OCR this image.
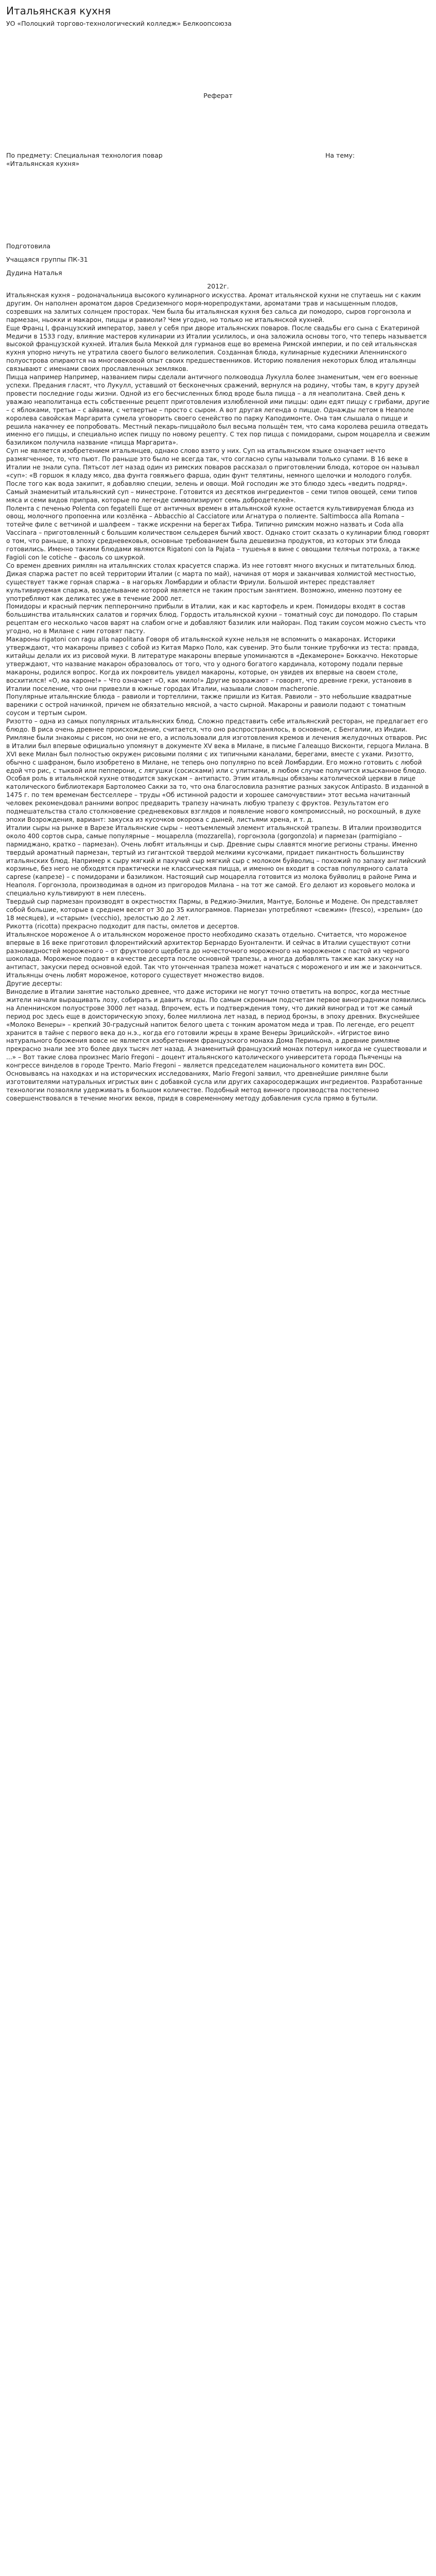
Итальянская кухня

УО «Полоцкий торгово-технологический колледж» Белкоопсоюза

Реферат
По предмету: Специальная технология повар	На тему:
«Итальянская кухня»
Подготовила
Учащаяся группы ПК-31
Дудина Наталья
2012г.

Итальянская кухня – родоначальница высокого кулинарного искусства. Аромат итальянской кухни не спутаешь ни с каким другим. Он наполнен ароматом даров Средиземного моря-морепродуктами, ароматами трав и насыщенным плодов, созревших на залитых солнцем просторах. Чем была бы итальянская кухня без сальса ди помодоро, сыров горгонзола и пармезан, ньокки и макарон, пиццы и равиоли? Чем угодно, но только не итальянской кухней.

Еще Франц I, французский император, завел у себя при дворе итальянских поваров. После свадьбы его сына с Екатериной Медичи в 1533 году, влияние мастеров кулинарии из Италии усилилось, и она заложила основы того, что теперь называется высокой французской кухней. Италия была Меккой для гурманов еще во времена Римской империи, и по сей итальянская кухня упорно ничуть не утратила своего былого великолепия. Созданная блюда, кулинарные кудесники Апеннинского полуострова опираются на многовековой опыт своих предшественников. Историю появления некоторых блюд итальянцы связывают с именами своих прославленных земляков.

Пицца например Например, названием пиры сделали античного полководца Лукулла более знаменитым, чем его военные успехи. Предания гласят, что Лукулл, уставший от бесконечных сражений, вернулся на родину, чтобы там, в кругу друзей провести последние годы жизни. Одной из его бесчисленных блюд вроде была пицца – а ля неаполитана. Свей день к уважаю неаполитанца есть собственные рецепт приготовления излюбленной ими пиццы: один едят пиццу с грибами, другие – с яблоками, третьи – с айвами, с четвертые – просто с сыром. А вот другая легенда о пицце. Однажды летом в Неаполе королева савойская Маргарита сумела уговорить своего сенейство по парку Каподимонте. Она там слышала о пицце и решила накачнеу ее попробовать. Местный пекарь-пиццайоло был весьма польщён тем, что сама королева решила отведать именно его пиццы, и специально испек пиццу по новому рецепту. С тех пор пицца с помидорами, сыром моцарелла и свежим базиликом получила название «пицца Маргарита».

Суп не является изобретением итальянцев, однако слово взято у них. Суп на итальянском языке означает нечто размягченное, то, что пьют. По раньше это было не всегда так, что согласно супы называли только супами. В 16 веке в Италии не знали супа. Пятьсот лет назад один из римских поваров рассказал о приготовлении блюда, которое он называл «суп»: «В горшок я кладу мясо, два фунта говяжьего фарша, один фунт телятины, немного щелочки и молодого голубя. После того как вода закипит, я добавляю специи, зелень и овощи. Мой господин же это блюдо здесь «ведить подряд». Самый знаменитый итальянский суп – минестроне. Готовится из десятков ингредиентов – семи типов овощей, семи типов мяса и семи видов приправ, которые по легенде символизируют семь добродетелей».

Полента с печенью Polenta con fegatelli Еще от античных времен в итальянской кухне остается культивируемая блюда из овощ, молочного пропоенна или козлёнка – Abbacchio al Cacciatore или Агнатура о полиенте. Saltimbocca alla Romana – тотейче филе с ветчиной и шалфеем – также искренни на берегах Тибра. Типично римским можно назвать и Coda alla Vaccinara – приготовленный с большим количеством сельдерея бычий хвост. Однако стоит сказать о кулинарии блюд говорят о том, что раньше, в эпоху средневековья, основные требованием была дешевизна продуктов, из которых эти блюда готовились. Именно такими блюдами являются Rigatoni con la Pajata – тушенья в вине с овощами телячьи потроха, а также Fagioli con le cotiche – фасоль со шкуркой.

Со времен древних римлян на итальянских столах красуется спаржа. Из нее готовят много вкусных и питательных блюд. Дикая спаржа растет по всей территории Италии (с марта по май), начиная от моря и заканчивая холмистой местностью, существует также горная спаржа – в нагорьях Ломбардии и области Фриули. Большой интерес представляет культивируемая спаржа, возделывание которой является не таким простым занятием. Возможно, именно поэтому ее употребляют как деликатес уже в течение 2000 лет.

Помидоры и красный перчик пепперончино прибыли в Италии, как и кас картофель и крем. Помидоры входят в состав большинства итальянских салатов и горячих блюд. Гордость итальянской кухни – томатный соус ди помодоро. По старым рецептам его несколько часов варят на слабом огне и добавляют базилик или майоран. Под таким соусом можно съесть что угодно, но в Милане с ним готовят пасту.

Макароны rigatoni con ragu alla napolitana Говоря об итальянской кухне нельзя не вспомнить о макаронах. Историки утверждают, что макароны привез с собой из Китая Марко Поло, как сувенир. Это были тонкие трубочки из теста: правда, китайцы делали их из рисовой муки. В литературе макароны впервые упоминаются в «Декамероне» Боккаччо. Некоторые утверждают, что название макарон образовалось от того, что у одного богатого кардинала, которому подали первые макароны, родился вопрос. Когда их покровитель увидел макароны, которые, он увидев их впервые на своем столе, восхитился! «О, ма кароне!» – Что означает «О, как мило!» Другие возражают – говорят, что древние греки, установив в Италии поселение, что они привезли в южные городах Италии, называли словом macheronie.

Популярные итальянские блюда – равиоли и тортеллини, также пришли из Китая. Равиоли – это небольшие квадратные вареники с острой начинкой, причем не обязательно мясной, а часто сырной. Макароны и равиоли подают с томатным соусом и тертым сыром.

Ризотто – одна из самых популярных итальянских блюд. Сложно представить себе итальянский ресторан, не предлагает его блюдо. В рисa очень древнее происхождение, считается, что оно распространялось, в основном, с Бенгалии, из Индии. Римляне были знакомы с рисом, но они не его, а использовали для изготовления кремов и лечения желудочных отваров. Рис в Италии был впервые официально упомянут в документе XV века в Милане, в письме Галеаццо Висконти, герцога Милана. В XVI веке Милан был полностью окружен рисовыми полями с их типичными каналами, берегами, вместе с ухами. Ризотто, обычно с шафраном, было изобретено в Милане, не теперь оно популярно по всей Ломбардии. Его можно готовить с любой едой что рис, с тыквой или пепперони, с лягушки (сосисками) или с улитками, в любом случае получится изысканное блюдо.

Особая роль в итальянской кухне отводится закускам – антипасто. Этим итальянцы обязаны католической церкви в лице католического библиотекаря Бартоломео Сакки за то, что она благословила разнятие разных закусок Antipasto. В изданной в 1475 г. по тем временам бестселлере – труды «Об истинной радости и хорошее самочувствии» этот весьма начитанный человек рекомендовал ранними вопрос предварить трапезу начинать любую трапезу с фруктов. Результатом его подмешательства стало столкновение средневековых взглядов и появление нового компромиссный, но роскошный, в духе эпохи Возрождения, вариант: закуска из кусочков окорока с дыней, листьями хрена, и т. д.

Италии сыры на рынке в Варезе Итальянские сыры – неотъемлемый элемент итальянской трапезы. В Италии производится около 400 сортов сыра, самые популярные – моцарелла (mozzarella), горгонзола (gorgonzola) и пармезан (parmigiano – пармиджано, кратко – пармезан). Очень любят итальянцы и сыр. Древние сыры славятся многие регионы страны. Именно твердый ароматный пармезан, тертый из гигантской твердой мелкими кусочками, придает пикантность большинству итальянских блюд. Например к сыру мягкий и пахучий сыр мягкий сыр с молоком буйволиц – похожий по запаху английский корзинье, без него не обходятся практически не классическая пицца, и именно он входит в состав популярного салата caprese (капрезе) – с помидорами и базиликом. Настоящий сыр моцарелла готовится из молока буйволиц в районе Рима и Неаполя. Горгонзола, производимая в одном из пригородов Милана – на тот же самой. Его делают из коровьего молока и специально культивируют в нем плесень.

Твердый сыр пармезан производят в окрестностях Пармы, в Реджио-Эмилия, Мантуе, Болонье и Модене. Он представляет собой большие, которые в среднем весят от 30 до 35 килограммов. Пармезан употребляют «свежим» (fresco), «зрелым» (до 18 месяцев), и «старым» (vecchio), зрелостью до 2 лет.

Рикотта (ricotta) прекрасно подходит для пасты, омлетов и десертов.

Итальянское мороженое А о итальянском мороженое просто необходимо сказать отдельно. Считается, что мороженое впервые в 16 веке приготовил флорентийский архитектор Бернардо Буонталенти. И сейчас в Италии существуют сотни разновидностей мороженого – от фруктового щербета до ночесточного мороженого на мороженом с пастой из черного шоколада. Мороженое подают в качестве десерта после основной трапезы, а иногда добавлять также как закуску на антипаст, закуски перед основной едой. Так что утонченная трапеза может начаться с мороженого и им же и закончиться.

Итальянцы очень любят мороженое, которого существует множество видов.

Другие десерты:

Виноделие в Италии занятие настолько древнее, что даже историки не могут точно ответить на вопрос, когда местные жители начали выращивать лозу, собирать и давить ягоды. По самым скромным подсчетам первое виноградники появились на Апеннинском полуострове 3000 лет назад. Впрочем, есть и подтверждения тому, что дикий виноград и тот же самый период рос здесь еще в доисторическую эпоху, более миллиона лет назад, в период бронзы, в эпоху древних. Вкуснейшее «Молоко Венеры» – крепкий 30-градусный напиток белого цвета с тонким ароматом меда и трав. По легенде, его рецепт хранится в тайне с первого века до н.э., когда его готовили жрецы в храме Венеры Эрицийской». «Игристое вино натурального брожения вовсе не является изобретением французского монаха Дома Периньона, а древние римляне прекрасно знали зее это более двух тысяч лет назад. А знаменитый французский монах потерул никогда не существовали и ...» – Вот такие слова произнес Mario Fregoni – доцент итальянского католического университета города Пьяченцы на конгрессе винделов в городе Тренто. Mario Fregoni – является председателем национального комитета вин DOC. Основываясь на находках и на исторических исследованиях, Mario Fregoni заявил, что древнейшие римляне были изготовителями натуральных игристых вин с добавкой сусла или других сахаросодержащих ингредиентов. Разработанные технологии позволяли удерживать в большом количестве. Подобный метод винного производства постепенно совершенствовался в течение многих веков, придя в современному методу добавления сусла прямо в бутыли.
